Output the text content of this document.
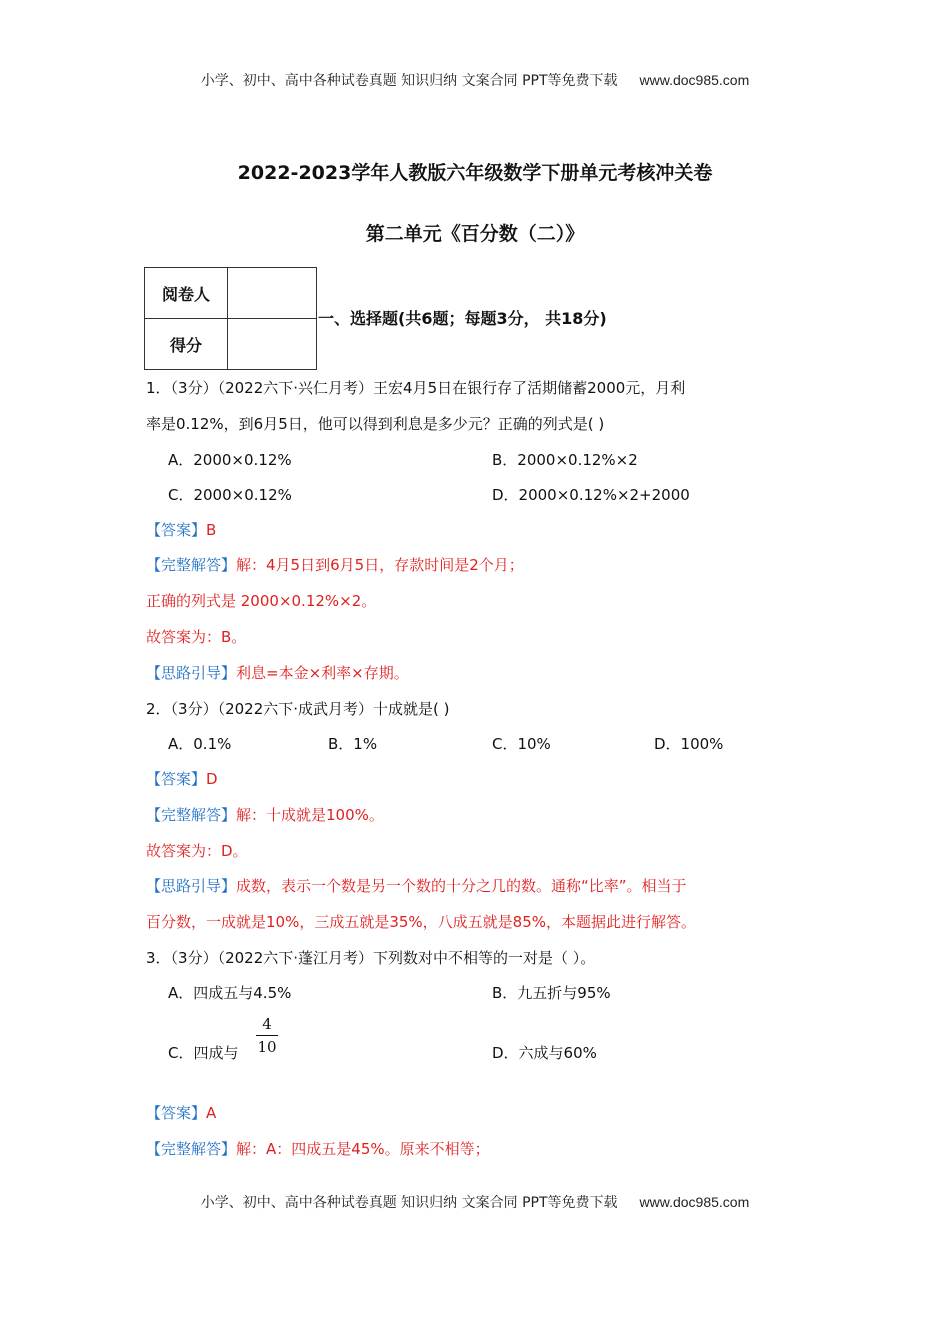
小学、初中、高中各种试卷真题 知识归纳 文案合同 PPT等免费下载 www.doc985.com
2022-2023学年人教版六年级数学下册单元考核冲关卷
第二单元《百分数（二）》
阅卷人	
得分	
一、选择题(共6题；每题3分， 共18分)
1．（3分）（2022六下·兴仁月考）王宏4月5日在银行存了活期储蓄2000元，月利
率是0.12%，到6月5日，他可以得到利息是多少元？正确的列式是( )
A．2000×0.12%	B．2000×0.12%×2
C．2000×0.12%	D．2000×0.12%×2+2000
【答案】B
【完整解答】解：4月5日到6月5日，存款时间是2个月；
正确的列式是 2000×0.12%×2。
故答案为：B。
【思路引导】利息=本金×利率×存期。
2．（3分）（2022六下·成武月考）十成就是( )
A．0.1%	B．1%	C．10%	D．100%
【答案】D
【完整解答】解：十成就是100%。
故答案为：D。
【思路引导】成数，表示一个数是另一个数的十分之几的数。通称“比率”。相当于
百分数，一成就是10%，三成五就是35%，八成五就是85%，本题据此进行解答。
3．（3分）（2022六下·蓬江月考）下列数对中不相等的一对是（ ）。
A．四成五与4.5%	B．九五折与95%
C．四成与
4
10	D．六成与60%
【答案】A
【完整解答】解：A：四成五是45%。原来不相等；
小学、初中、高中各种试卷真题 知识归纳 文案合同 PPT等免费下载 www.doc985.com
